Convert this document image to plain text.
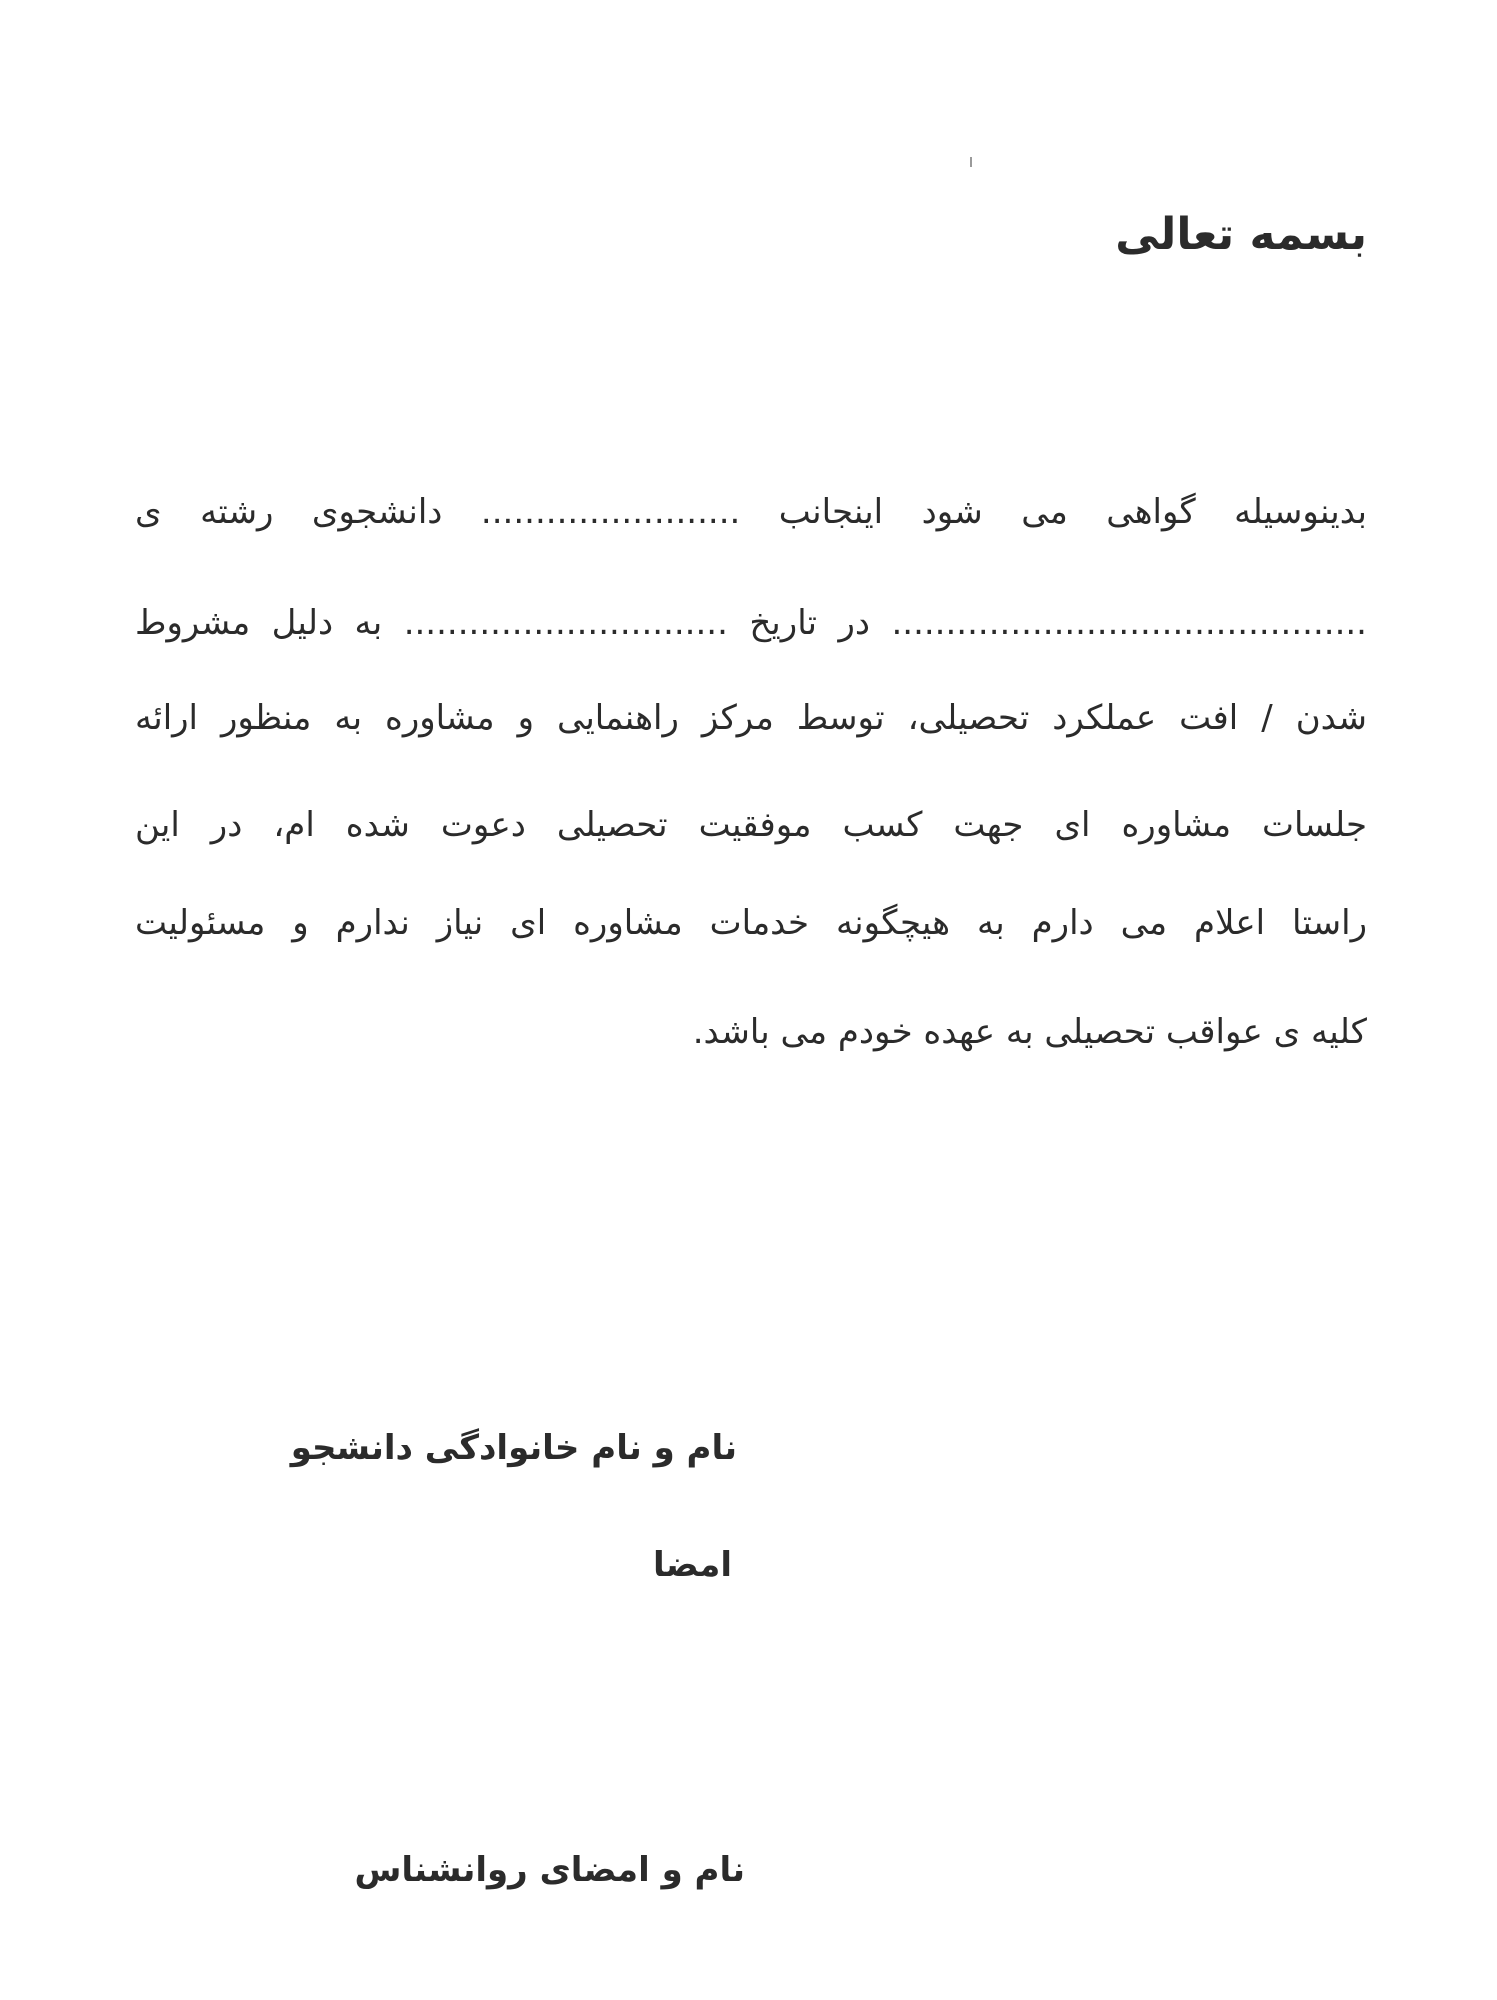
بسمه تعالی
بدینوسیله گواهی می شود اینجانب ........................ دانشجوی رشته ی
............................................ در تاریخ .............................. به دلیل مشروط
شدن / افت عملکرد تحصیلی، توسط مرکز راهنمایی و مشاوره به منظور ارائه
جلسات مشاوره ای جهت کسب موفقیت تحصیلی دعوت شده ام، در این
راستا اعلام می دارم به هیچگونه خدمات مشاوره ای نیاز ندارم و مسئولیت
کلیه ی عواقب تحصیلی به عهده خودم می باشد.
نام و نام خانوادگی دانشجو
امضا
نام و امضای روانشناس
